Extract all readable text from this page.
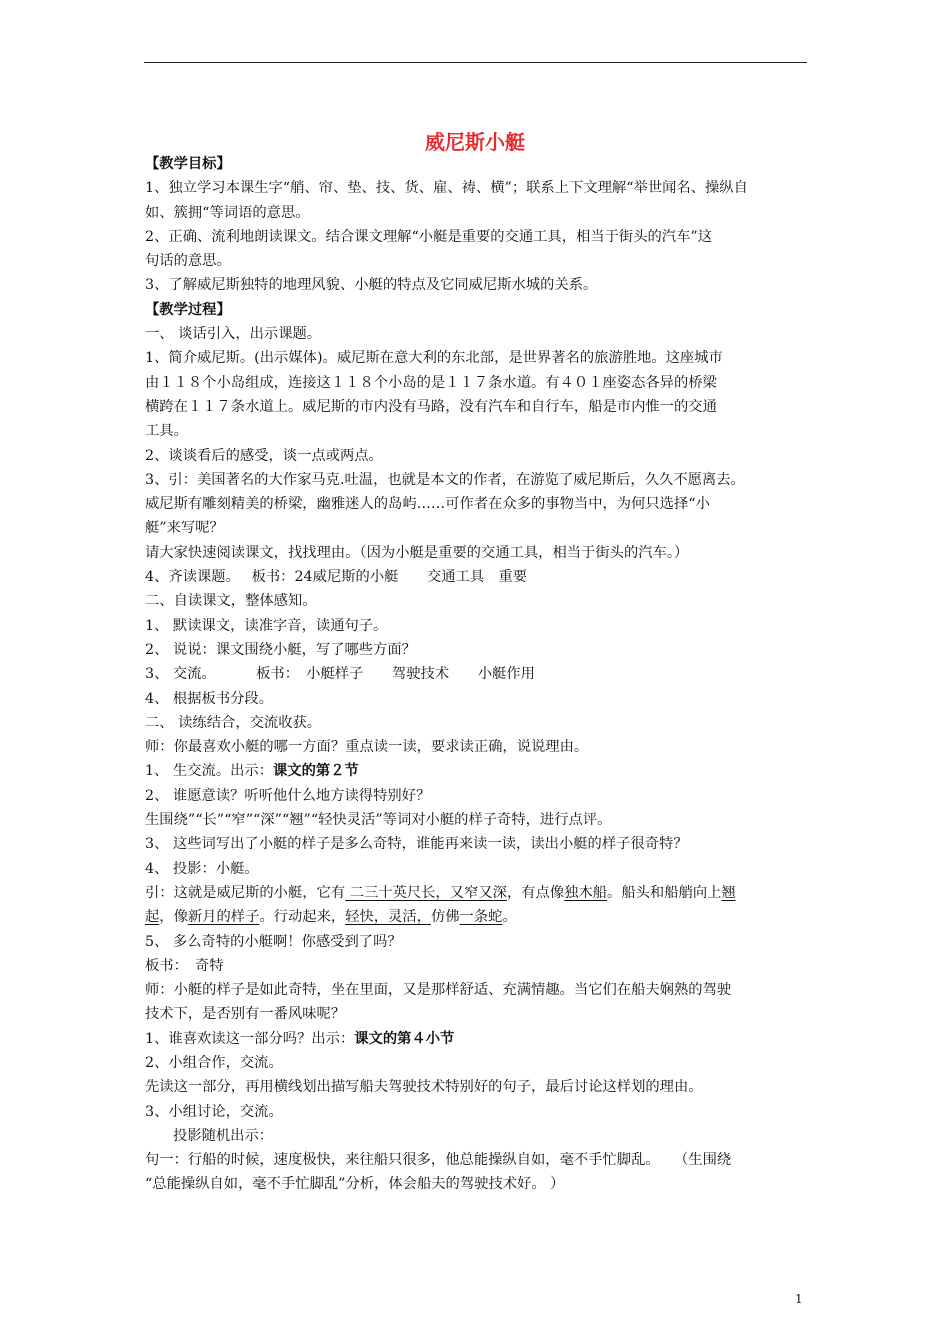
威尼斯小艇

【教学目标】

1、独立学习本课生字“艄、帘、垫、技、货、雇、祷、横”；联系上下文理解“举世闻名、操纵自

如、簇拥“等词语的意思。

2、正确、流利地朗读课文。结合课文理解“小艇是重要的交通工具，相当于街头的汽车”这

句话的意思。

3、了解威尼斯独特的地理风貌、小艇的特点及它同威尼斯水城的关系。

【教学过程】

一、 谈话引入，出示课题。

1、简介威尼斯。(出示媒体)。威尼斯在意大利的东北部，是世界著名的旅游胜地。这座城市

由１１８个小岛组成，连接这１１８个小岛的是１１７条水道。有４０１座姿态各异的桥梁

横跨在１１７条水道上。威尼斯的市内没有马路，没有汽车和自行车，船是市内惟一的交通

工具。

2、谈谈看后的感受，谈一点或两点。

3、引：美国著名的大作家马克.吐温，也就是本文的作者，在游览了威尼斯后，久久不愿离去。

威尼斯有雕刻精美的桥梁，幽雅迷人的岛屿……可作者在众多的事物当中，为何只选择“小

艇”来写呢？

请大家快速阅读课文，找找理由。（因为小艇是重要的交通工具，相当于街头的汽车。）

4、齐读课题。　 板书：24威尼斯的小艇　　交通工具　重要

二、自读课文，整体感知。

1、 默读课文，读准字音，读通句子。

2、 说说：课文围绕小艇，写了哪些方面？

3、 交流。　　　 板书：　小艇样子　　驾驶技术　　小艇作用

4、 根据板书分段。

二、 读练结合，交流收获。

师：你最喜欢小艇的哪一方面？重点读一读，要求读正确，说说理由。

1、 生交流。出示：课文的第２节

2、 谁愿意读？听听他什么地方读得特别好？

生围绕”“长”“窄”“深”“翘”“轻快灵活”等词对小艇的样子奇特，进行点评。

3、 这些词写出了小艇的样子是多么奇特，谁能再来读一读，读出小艇的样子很奇特？

4、 投影：小艇。

引：这就是威尼斯的小艇，它有 二三十英尺长，又窄又深，有点像独木船。船头和船艄向上翘

起，像新月的样子。行动起来，轻快，灵活，仿佛一条蛇。

5、 多么奇特的小艇啊！你感受到了吗？

板书：　奇特

师：小艇的样子是如此奇特，坐在里面，又是那样舒适、充满情趣。当它们在船夫娴熟的驾驶

技术下，是否别有一番风味呢？

1、谁喜欢读这一部分吗？出示：课文的第４小节

2、小组合作，交流。

先读这一部分，再用横线划出描写船夫驾驶技术特别好的句子，最后讨论这样划的理由。

3、小组讨论，交流。

投影随机出示：

句一：行船的时候，速度极快，来往船只很多，他总能操纵自如，毫不手忙脚乱。　　（生围绕

“总能操纵自如，毫不手忙脚乱”分析，体会船夫的驾驶技术好。 ）

1
